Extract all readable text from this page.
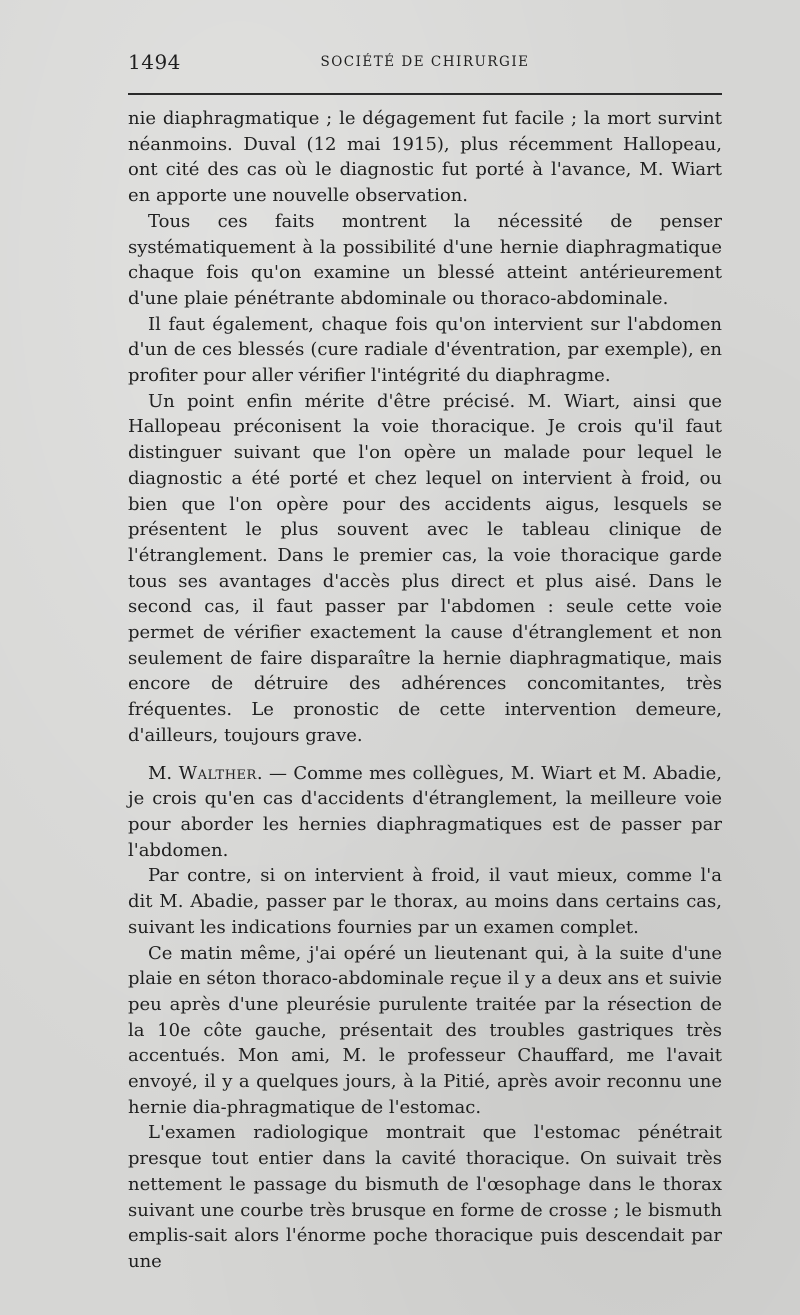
1494	SOCIÉTÉ DE CHIRURGIE

nie diaphragmatique ; le dégagement fut facile ; la mort survint néanmoins. Duval (12 mai 1915), plus récemment Hallopeau, ont cité des cas où le diagnostic fut porté à l'avance, M. Wiart en apporte une nouvelle observation.

Tous ces faits montrent la nécessité de penser systématiquement à la possibilité d'une hernie diaphragmatique chaque fois qu'on examine un blessé atteint antérieurement d'une plaie pénétrante abdominale ou thoraco-abdominale.

Il faut également, chaque fois qu'on intervient sur l'abdomen d'un de ces blessés (cure radiale d'éventration, par exemple), en profiter pour aller vérifier l'intégrité du diaphragme.

Un point enfin mérite d'être précisé. M. Wiart, ainsi que Hallopeau préconisent la voie thoracique. Je crois qu'il faut distinguer suivant que l'on opère un malade pour lequel le diagnostic a été porté et chez lequel on intervient à froid, ou bien que l'on opère pour des accidents aigus, lesquels se présentent le plus souvent avec le tableau clinique de l'étranglement. Dans le premier cas, la voie thoracique garde tous ses avantages d'accès plus direct et plus aisé. Dans le second cas, il faut passer par l'abdomen : seule cette voie permet de vérifier exactement la cause d'étranglement et non seulement de faire disparaître la hernie diaphragmatique, mais encore de détruire des adhérences concomitantes, très fréquentes. Le pronostic de cette intervention demeure, d'ailleurs, toujours grave.

M. Walther. — Comme mes collègues, M. Wiart et M. Abadie, je crois qu'en cas d'accidents d'étranglement, la meilleure voie pour aborder les hernies diaphragmatiques est de passer par l'abdomen.

Par contre, si on intervient à froid, il vaut mieux, comme l'a dit M. Abadie, passer par le thorax, au moins dans certains cas, suivant les indications fournies par un examen complet.

Ce matin même, j'ai opéré un lieutenant qui, à la suite d'une plaie en séton thoraco-abdominale reçue il y a deux ans et suivie peu après d'une pleurésie purulente traitée par la résection de la 10e côte gauche, présentait des troubles gastriques très accentués. Mon ami, M. le professeur Chauffard, me l'avait envoyé, il y a quelques jours, à la Pitié, après avoir reconnu une hernie dia-phragmatique de l'estomac.

L'examen radiologique montrait que l'estomac pénétrait presque tout entier dans la cavité thoracique. On suivait très nettement le passage du bismuth de l'œsophage dans le thorax suivant une courbe très brusque en forme de crosse ; le bismuth emplis-sait alors l'énorme poche thoracique puis descendait par une
